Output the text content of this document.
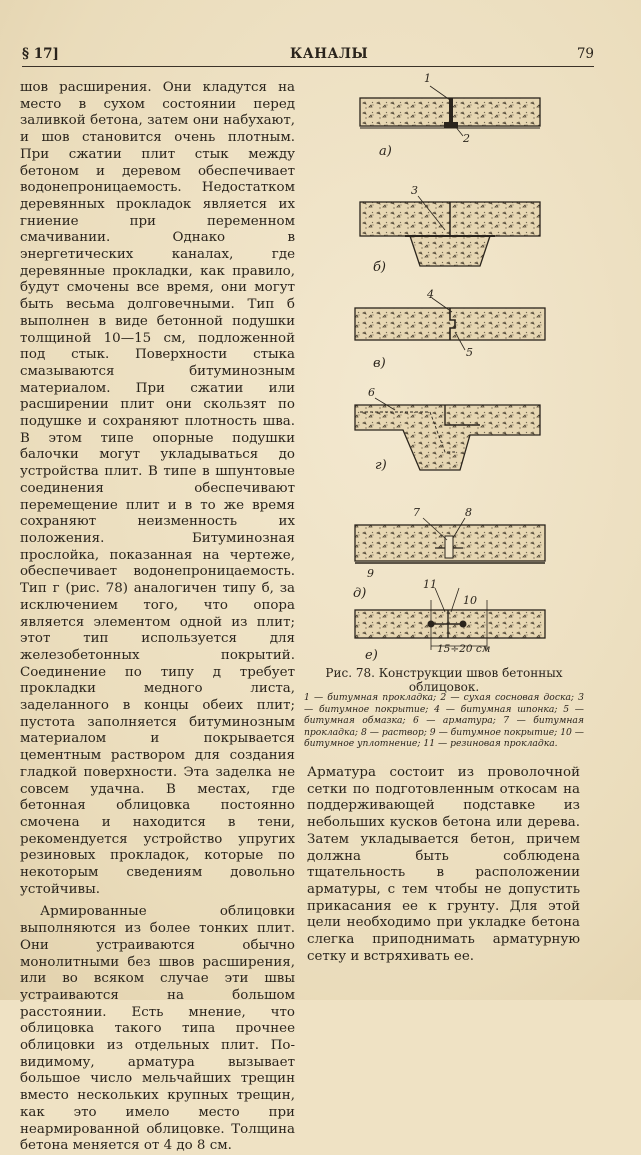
§ 17]	КАНАЛЫ	79

шов расширения. Они кладутся на место в сухом состоянии перед заливкой бетона, затем они набухают, и шов становится очень плотным. При сжатии плит стык между бетоном и деревом обеспечивает водонепроницаемость. Недостатком деревянных прокладок является их гниение при переменном смачивании. Однако в энергетических каналах, где деревянные прокладки, как правило, будут смочены все время, они могут быть весьма долговечными. Тип б выполнен в виде бетонной подушки толщиной 10—15 см, подложенной под стык. Поверхности стыка смазываются битуминозным материалом. При сжатии или расширении плит они скользят по подушке и сохраняют плотность шва. В этом типе опорные подушки балочки могут укладываться до устройства плит. В типе в шпунтовые соединения обеспечивают перемещение плит и в то же время сохраняют неизменность их положения. Битуминозная прослойка, показанная на чертеже, обеспечивает водонепроницаемость. Тип г (рис. 78) аналогичен типу б, за исключением того, что опора является элементом одной из плит; этот тип используется для железобетонных покрытий. Соединение по типу д требует прокладки медного листа, заделанного в концы обеих плит; пустота заполняется битуминозным материалом и покрывается цементным раствором для создания гладкой поверхности. Эта заделка не совсем удачна. В местах, где бетонная облицовка постоянно смочена и находится в тени, рекомендуется устройство упругих резиновых прокладок, которые по некоторым сведениям довольно устойчивы.

Армированные облицовки выполняются из более тонких плит. Они устраиваются обычно монолитными без швов расширения, или во всяком случае эти швы устраиваются на большом расстоянии. Есть мнение, что облицовка такого типа прочнее облицовки из отдельных плит. По-видимому, арматура вызывает большое число мельчайших трещин вместо нескольких крупных трещин, как это имело место при неармированной облицовке. Толщина бетона меняется от 4 до 8 см.

1
2
3
4
5
6
7	8
9
10
11
15÷20 см
а)
б)
в)
г)
д)
е)
Рис. 78. Конструкции швов бетонных облицовок.
1 — битумная прокладка; 2 — сухая сосновая доска; 3 — битумное покрытие; 4 — битумная шпонка; 5 — битумная обмазка; 6 — арматура; 7 — битумная прокладка; 8 — раствор; 9 — битумное покрытие; 10 — битумное уплотнение; 11 — резиновая прокладка.

Арматура состоит из проволочной сетки по подготовленным откосам на поддерживающей подставке из небольших кусков бетона или дерева. Затем укладывается бетон, причем должна быть соблюдена тщательность в расположении арматуры, с тем чтобы не допустить прикасания ее к грунту. Для этой цели необходимо при укладке бетона слегка приподнимать арматурную сетку и встряхивать ее.
